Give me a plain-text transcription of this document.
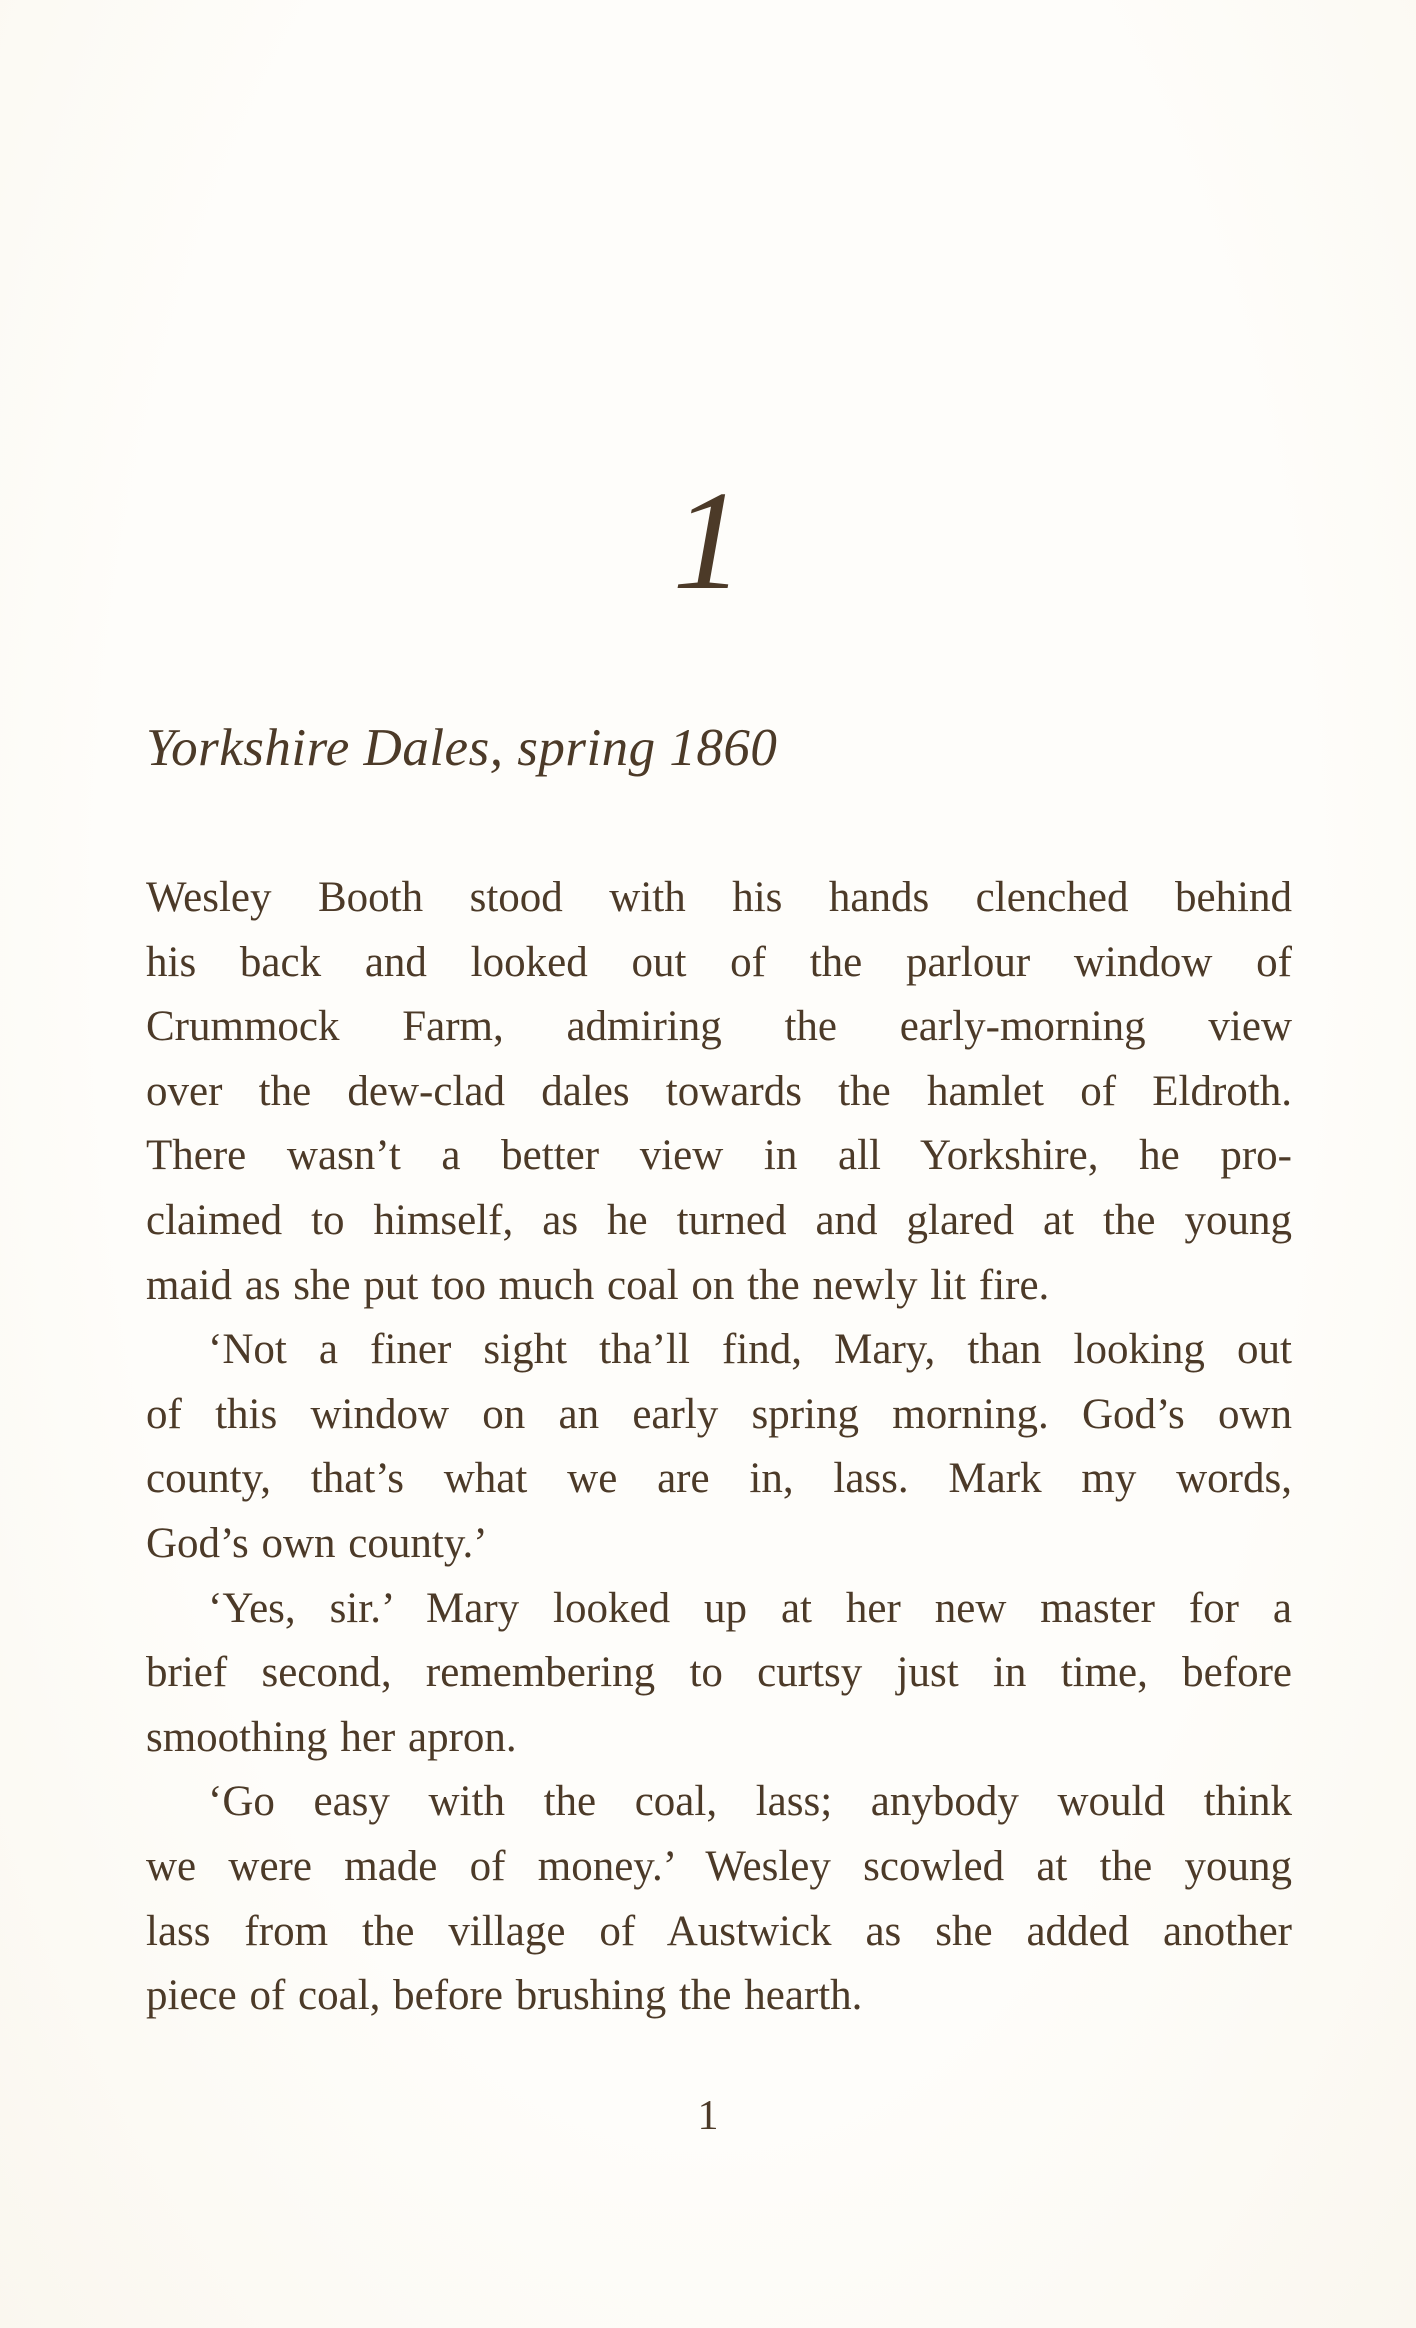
1
Yorkshire Dales, spring 1860
Wesley Booth stood with his hands clenched behind
his back and looked out of the parlour window of
Crummock Farm, admiring the early-morning view
over the dew-clad dales towards the hamlet of Eldroth.
There wasn’t a better view in all Yorkshire, he pro-
claimed to himself, as he turned and glared at the young
maid as she put too much coal on the newly lit fire.
‘Not a finer sight tha’ll find, Mary, than looking out
of this window on an early spring morning. God’s own
county, that’s what we are in, lass. Mark my words,
God’s own county.’
‘Yes, sir.’ Mary looked up at her new master for a
brief second, remembering to curtsy just in time, before
smoothing her apron.
‘Go easy with the coal, lass; anybody would think
we were made of money.’ Wesley scowled at the young
lass from the village of Austwick as she added another
piece of coal, before brushing the hearth.
1
